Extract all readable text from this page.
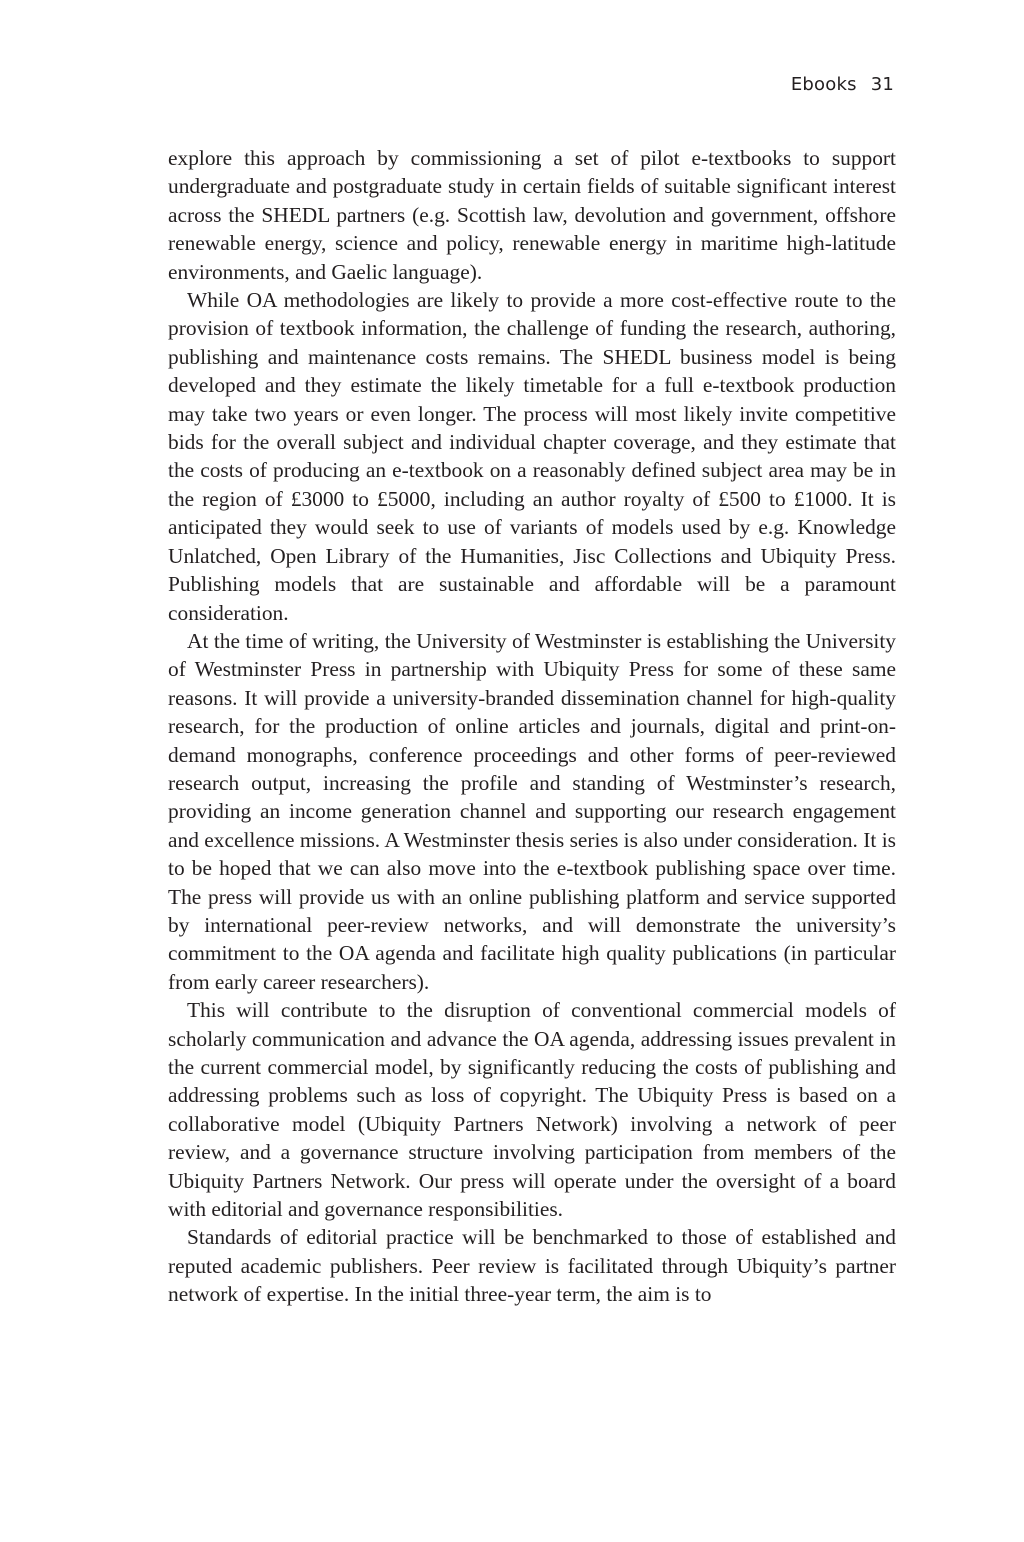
Ebooks 31

explore this approach by commissioning a set of pilot e-textbooks to support undergraduate and postgraduate study in certain fields of suitable significant interest across the SHEDL partners (e.g. Scottish law, devolution and government, offshore renewable energy, science and policy, renewable energy in maritime high-latitude environments, and Gaelic language).

While OA methodologies are likely to provide a more cost-effective route to the provision of textbook information, the challenge of funding the research, authoring, publishing and maintenance costs remains. The SHEDL business model is being developed and they estimate the likely timetable for a full e-textbook production may take two years or even longer. The process will most likely invite competitive bids for the overall subject and individual chapter coverage, and they estimate that the costs of producing an e-textbook on a reasonably defined subject area may be in the region of £3000 to £5000, including an author royalty of £500 to £1000. It is anticipated they would seek to use of variants of models used by e.g. Knowledge Unlatched, Open Library of the Humanities, Jisc Collections and Ubiquity Press. Publishing models that are sustainable and affordable will be a paramount consideration.

At the time of writing, the University of Westminster is establishing the University of Westminster Press in partnership with Ubiquity Press for some of these same reasons. It will provide a university-branded dissemination channel for high-quality research, for the production of online articles and journals, digital and print-on-demand monographs, conference proceedings and other forms of peer-reviewed research output, increasing the profile and standing of Westminster’s research, providing an income generation channel and supporting our research engagement and excellence missions. A Westminster thesis series is also under consideration. It is to be hoped that we can also move into the e-textbook publishing space over time. The press will provide us with an online publishing platform and service supported by international peer-review networks, and will demonstrate the university’s commitment to the OA agenda and facilitate high quality publications (in particular from early career researchers).

This will contribute to the disruption of conventional commercial models of scholarly communication and advance the OA agenda, addressing issues prevalent in the current commercial model, by significantly reducing the costs of publishing and addressing problems such as loss of copyright. The Ubiquity Press is based on a collaborative model (Ubiquity Partners Network) involving a network of peer review, and a governance structure involving participation from members of the Ubiquity Partners Network. Our press will operate under the oversight of a board with editorial and governance responsibilities.

Standards of editorial practice will be benchmarked to those of established and reputed academic publishers. Peer review is facilitated through Ubiquity’s partner network of expertise. In the initial three-year term, the aim is to
